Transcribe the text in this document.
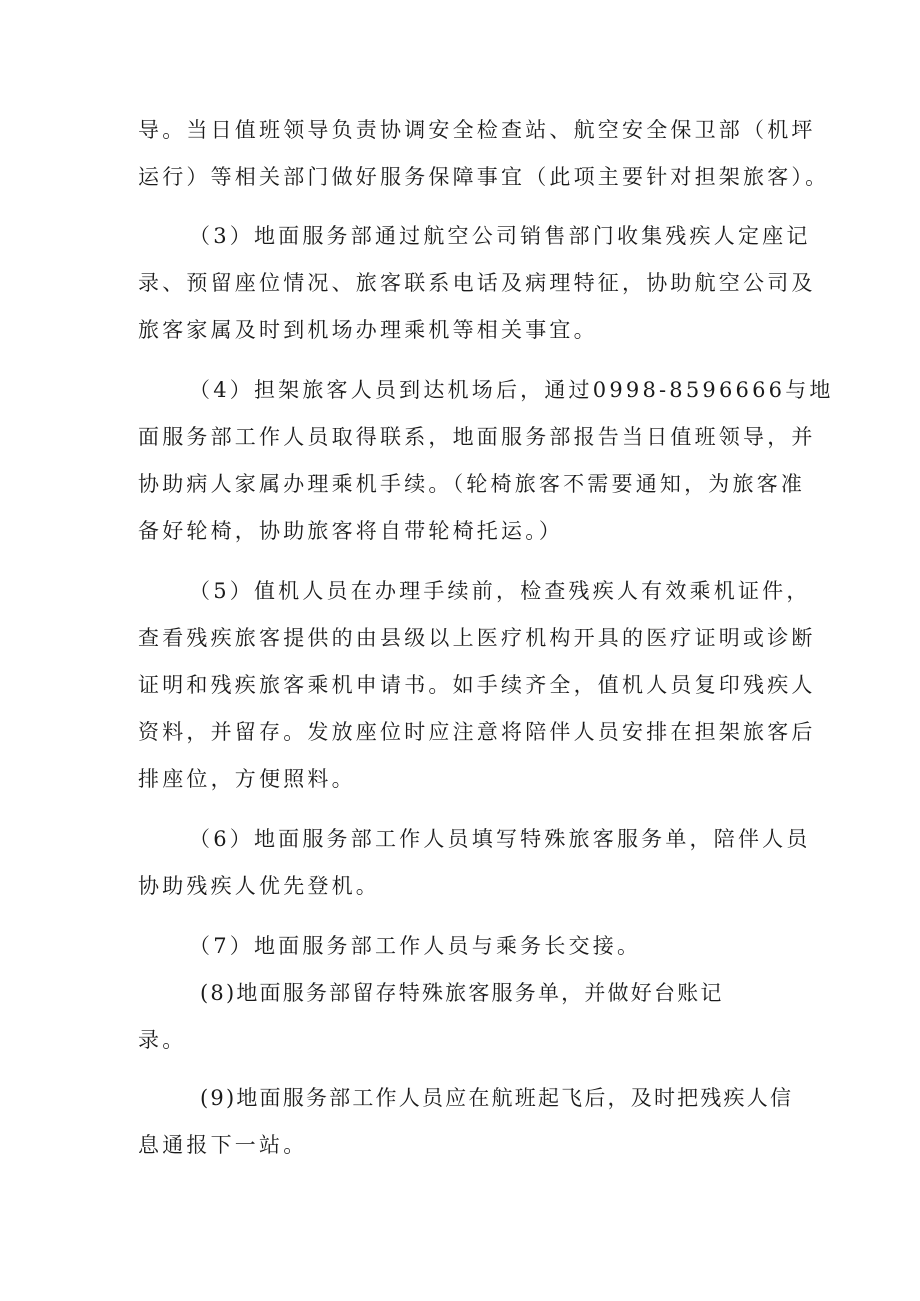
导。当日值班领导负责协调安全检查站、航空安全保卫部（机坪
运行）等相关部门做好服务保障事宜（此项主要针对担架旅客）。
（3）地面服务部通过航空公司销售部门收集残疾人定座记
录、预留座位情况、旅客联系电话及病理特征，协助航空公司及
旅客家属及时到机场办理乘机等相关事宜。
（4）担架旅客人员到达机场后，通过0998-8596666与地
面服务部工作人员取得联系，地面服务部报告当日值班领导，并
协助病人家属办理乘机手续。（轮椅旅客不需要通知，为旅客准
备好轮椅，协助旅客将自带轮椅托运。）
（5）值机人员在办理手续前，检查残疾人有效乘机证件，
查看残疾旅客提供的由县级以上医疗机构开具的医疗证明或诊断
证明和残疾旅客乘机申请书。如手续齐全，值机人员复印残疾人
资料，并留存。发放座位时应注意将陪伴人员安排在担架旅客后
排座位，方便照料。
（6）地面服务部工作人员填写特殊旅客服务单，陪伴人员
协助残疾人优先登机。
（7）地面服务部工作人员与乘务长交接。
(8)地面服务部留存特殊旅客服务单，并做好台账记
录。
(9)地面服务部工作人员应在航班起飞后，及时把残疾人信
息通报下一站。
